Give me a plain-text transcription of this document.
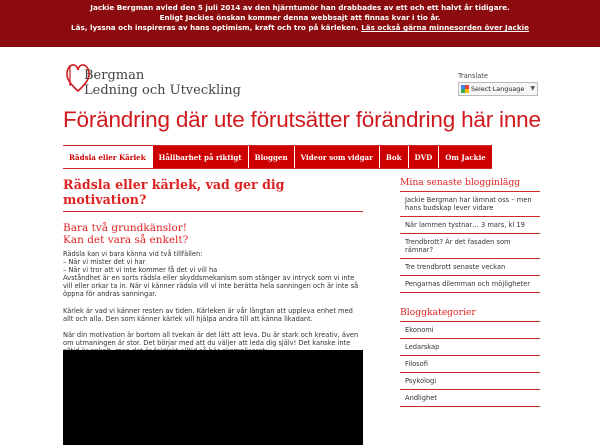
Jackie Bergman avled den 5 juli 2014 av den hjärntumör han drabbades av ett och ett halvt år tidigare.
Enligt Jackies önskan kommer denna webbsajt att finnas kvar i tio år.
Läs, lyssna och inspireras av hans optimism, kraft och tro på kärleken. Läs också gärna minnesorden över Jackie
Bergman
Ledning och Utveckling
Translate
Select Language ▼
Förändring där ute förutsätter förändring här inne
Rädsla eller Kärlek	Hållbarhet på riktigt	Bloggen	Videor som vidgar	Bok	DVD	Om Jackie
Rädsla eller kärlek, vad ger dig motivation?
Bara två grundkänslor!
Kan det vara så enkelt?
Rädsla kan vi bara känna vid två tillfällen:
– När vi mister det vi har
– När vi tror att vi inte kommer få det vi vill ha
Avståndhet är en sorts rädsla eller skyddsmekanism som stänger av intryck som vi inte vill eller orkar ta in. När vi känner rädsla vill vi inte berätta hela sanningen och är inte så öppna för andras sanningar.
Kärlek är vad vi känner resten av tiden. Kärleken är vår längtan att uppleva enhet med allt och alla. Den som känner kärlek vill hjälpa andra till att känna likadant.
När din motivation är bortom all tvekan är det lätt att leva. Du är stark och kreativ, även om utmaningen är stor. Det börjar med att du väljer att leda dig själv! Det kanske inte
Mina senaste blogginlägg
Jackie Bergman har lämnat oss – men hans budskap lever vidare
När lammen tystnar… 3 mars, kl 19
Trendbrott? Är det fasaden som rämnar?
Tre trendbrott senaste veckan
Pengarnas dilemman och möjligheter
Bloggkategorier
Ekonomi
Ledarskap
Filosofi
Psykologi
Andlighet
